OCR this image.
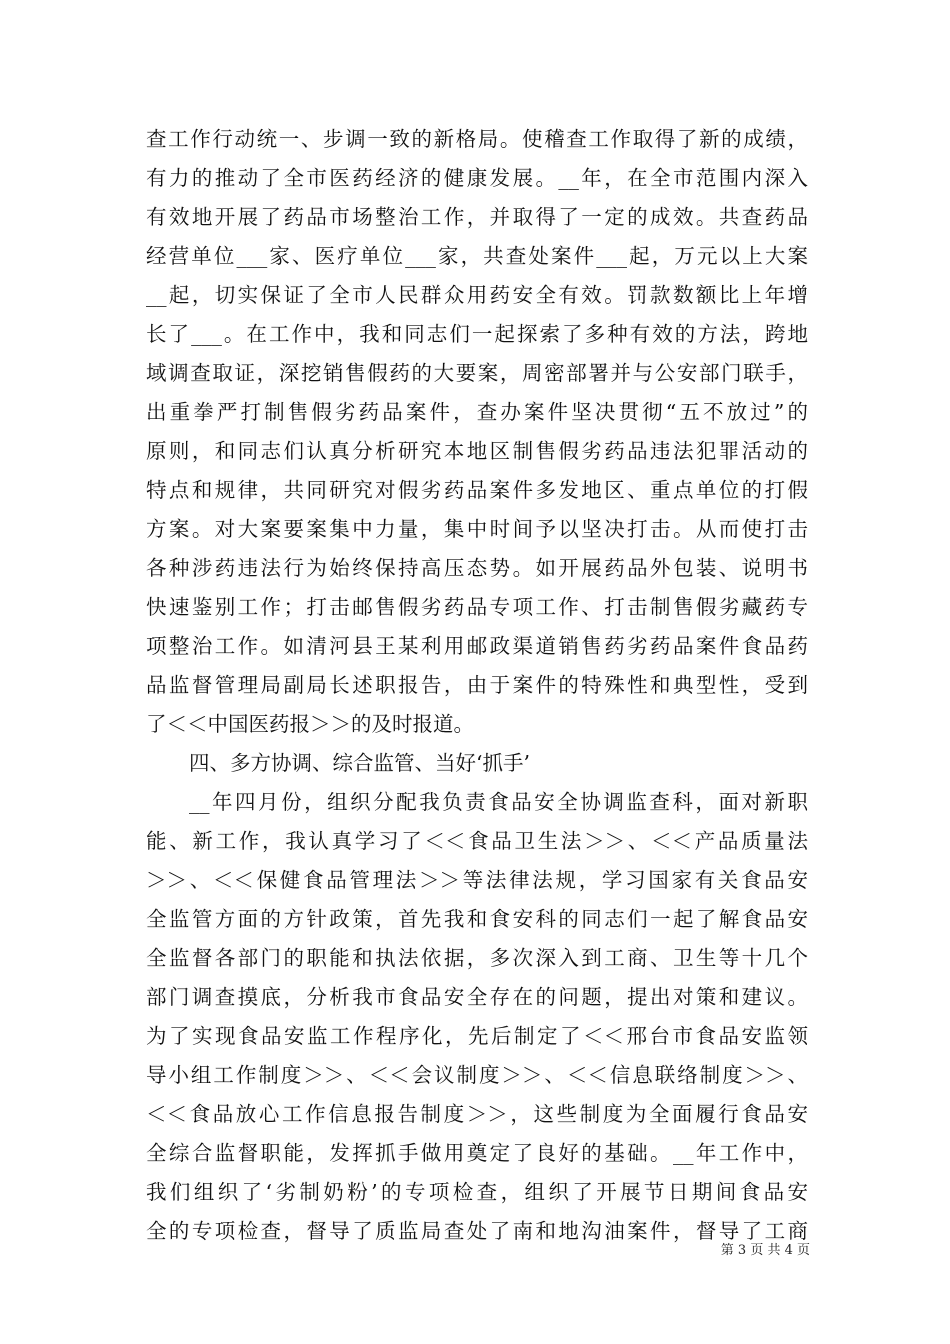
查工作行动统一、步调一致的新格局。使稽查工作取得了新的成绩，
有力的推动了全市医药经济的健康发展。__年，在全市范围内深入
有效地开展了药品市场整治工作，并取得了一定的成效。共查药品
经营单位___家、医疗单位___家，共查处案件___起，万元以上大案
__起，切实保证了全市人民群众用药安全有效。罚款数额比上年增
长了___。在工作中，我和同志们一起探索了多种有效的方法，跨地
域调查取证，深挖销售假药的大要案，周密部署并与公安部门联手，
出重拳严打制售假劣药品案件，查办案件坚决贯彻“五不放过”的
原则，和同志们认真分析研究本地区制售假劣药品违法犯罪活动的
特点和规律，共同研究对假劣药品案件多发地区、重点单位的打假
方案。对大案要案集中力量，集中时间予以坚决打击。从而使打击
各种涉药违法行为始终保持高压态势。如开展药品外包装、说明书
快速鉴别工作；打击邮售假劣药品专项工作、打击制售假劣藏药专
项整治工作。如清河县王某利用邮政渠道销售药劣药品案件食品药
品监督管理局副局长述职报告，由于案件的特殊性和典型性，受到
了＜＜中国医药报＞＞的及时报道。
四、多方协调、综合监管、当好‘抓手’
__年四月份，组织分配我负责食品安全协调监查科，面对新职
能、新工作，我认真学习了＜＜食品卫生法＞＞、＜＜产品质量法
＞＞、＜＜保健食品管理法＞＞等法律法规，学习国家有关食品安
全监管方面的方针政策，首先我和食安科的同志们一起了解食品安
全监督各部门的职能和执法依据，多次深入到工商、卫生等十几个
部门调查摸底，分析我市食品安全存在的问题，提出对策和建议。
为了实现食品安监工作程序化，先后制定了＜＜邢台市食品安监领
导小组工作制度＞＞、＜＜会议制度＞＞、＜＜信息联络制度＞＞、
＜＜食品放心工作信息报告制度＞＞，这些制度为全面履行食品安
全综合监督职能，发挥抓手做用奠定了良好的基础。__年工作中，
我们组织了‘劣制奶粉’的专项检查，组织了开展节日期间食品安
全的专项检查，督导了质监局查处了南和地沟油案件，督导了工商
第 3 页 共 4 页
